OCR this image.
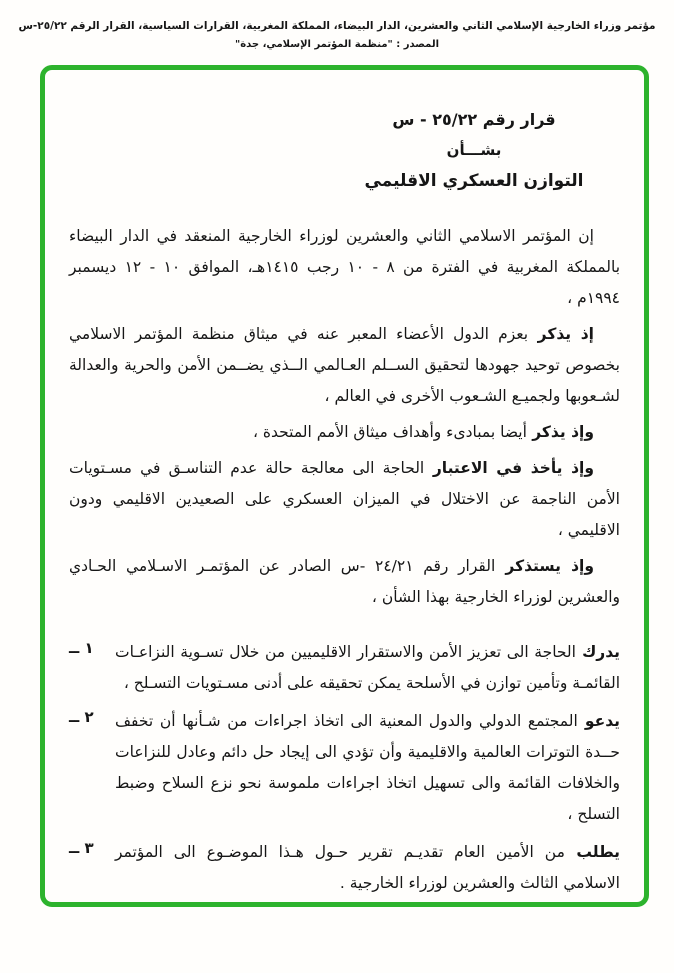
مؤتمر وزراء الخارجية الإسلامي الثاني والعشرين، الدار البيضاء، المملكة المغربية، القرارات السياسية، القرار الرقم ٢٥/٢٢-س
المصدر : "منظمة المؤتمر الإسلامي، جدة"
قرار رقم ٢٥/٢٢ - س
بشـــأن
التوازن العسكري الاقليمي

إن المؤتمر الاسلامي الثاني والعشرين لوزراء الخارجية المنعقد في الدار البيضاء بالمملكة المغربية في الفترة من ٨ - ١٠ رجب ١٤١٥هـ، الموافق ١٠ - ١٢ ديسمبر ١٩٩٤م ،

إذ يذكر بعزم الدول الأعضاء المعبر عنه في ميثاق منظمة المؤتمر الاسلامي بخصوص توحيد جهودها لتحقيق الســلم العـالمي الــذي يضــمن الأمن والحرية والعدالة لشـعوبها ولجميـع الشـعوب الأخرى في العالم ،

وإذ يذكر أيضا بمبادىء وأهداف ميثاق الأمم المتحدة ،

وإذ يأخذ في الاعتبار الحاجة الى معالجة حالة عدم التناسـق في مسـتويات الأمن الناجمة عن الاختلال في الميزان العسكري على الصعيدين الاقليمي ودون الاقليمي ،

وإذ يستذكر القرار رقم ٢٤/٢١ -س الصادر عن المؤتمـر الاسـلامي الحـادي والعشرين لوزراء الخارجية بهذا الشأن ،

١ ــ	يدرك الحاجة الى تعزيز الأمن والاستقرار الاقليميين من خلال تسـوية النزاعـات القائمـة وتأمين توازن في الأسلحة يمكن تحقيقه على أدنى مسـتويات التسـلح ،
٢ ــ	يدعو المجتمع الدولي والدول المعنية الى اتخاذ اجراءات من شـأنها أن تخفف حــدة التوترات العالمية والاقليمية وأن تؤدي الى إيجاد حل دائم وعادل للنزاعات والخلافات القائمة والى تسهيل اتخاذ اجراءات ملموسة نحو نزع السلاح وضبط التسلح ،
٣ ــ	يطلب من الأمين العام تقديـم تقرير حـول هـذا الموضـوع الى المؤتمر الاسلامي الثالث والعشرين لوزراء الخارجية .
